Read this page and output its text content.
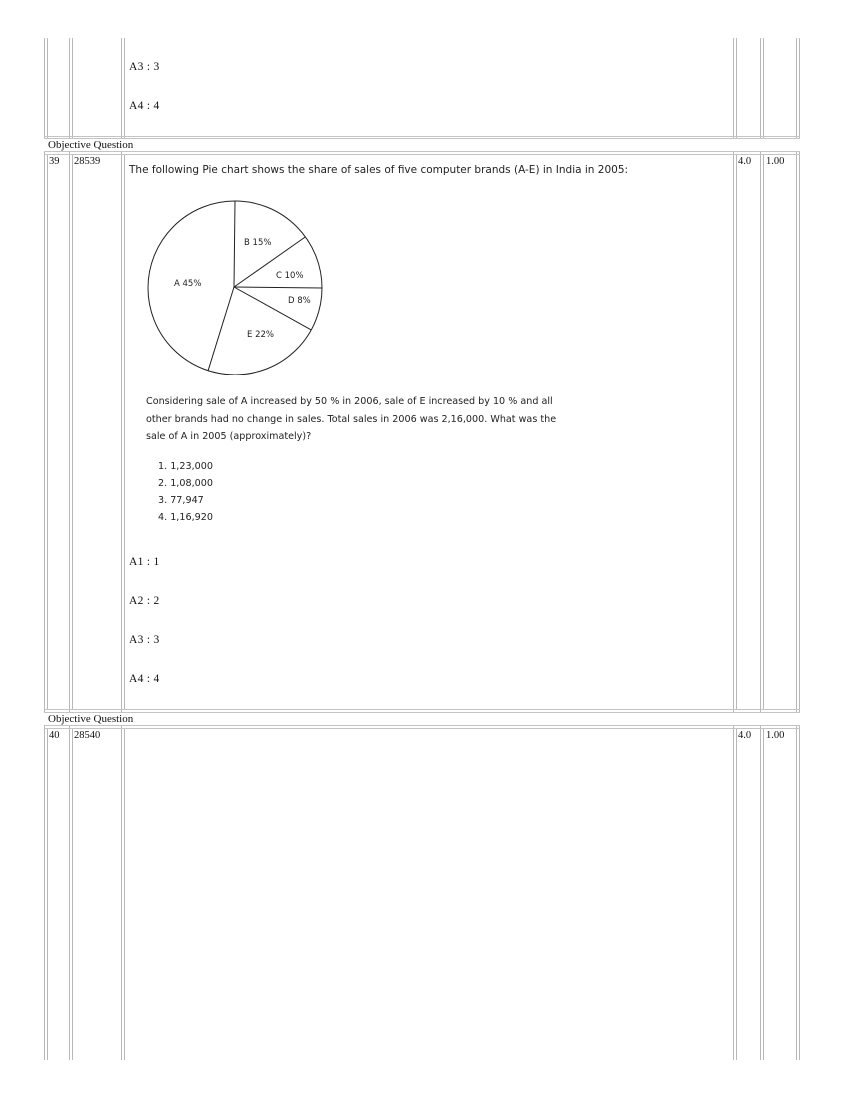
A3 : 3
A4 : 4
Objective Question
39 28539	4.0 1.00
The following Pie chart shows the share of sales of five computer brands (A-E) in India in 2005:
B 15%
C 10%
D 8%
E 22%
A 45%
Considering sale of A increased by 50 % in 2006, sale of E increased by 10 % and all
other brands had no change in sales. Total sales in 2006 was 2,16,000. What was the
sale of A in 2005 (approximately)?
1. 1,23,000
2. 1,08,000
3. 77,947
4. 1,16,920
A1 : 1
A2 : 2
A3 : 3
A4 : 4
Objective Question
40 28540	4.0 1.00
